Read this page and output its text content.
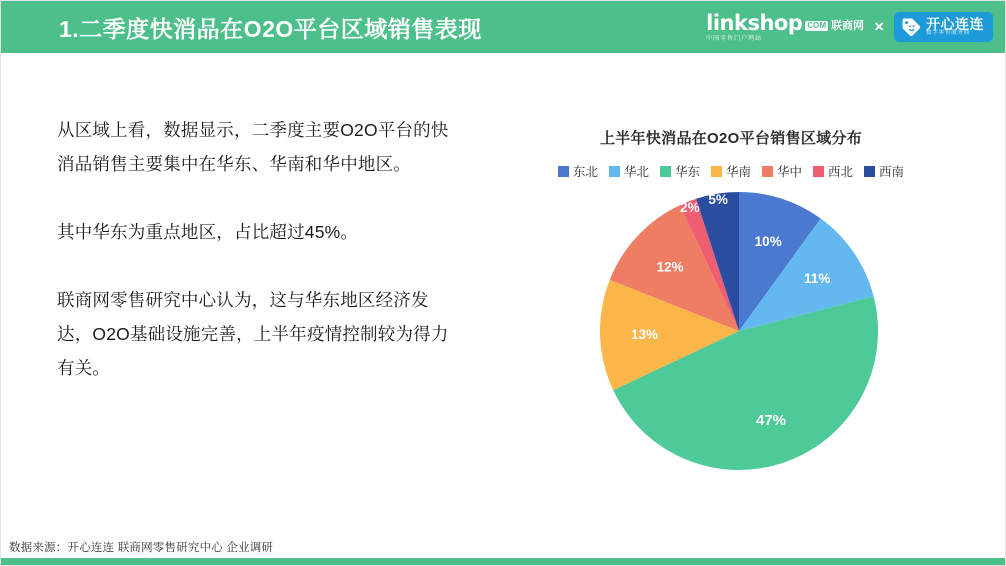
1.二季度快消品在O2O平台区域销售表现	linkshop COM 联商网
中国零售门户网站
×	开心连连
数字零售服务商

从区域上看，数据显示，二季度主要O2O平台的快消品销售主要集中在华东、华南和华中地区。

其中华东为重点地区，占比超过45%。

联商网零售研究中心认为，这与华东地区经济发达，O2O基础设施完善，上半年疫情控制较为得力有关。

上半年快消品在O2O平台销售区域分布
东北 华北 华东 华南 华中 西北 西南
10%
11%
47%
13%
12%
2%
5%
数据来源：开心连连 联商网零售研究中心 企业调研
